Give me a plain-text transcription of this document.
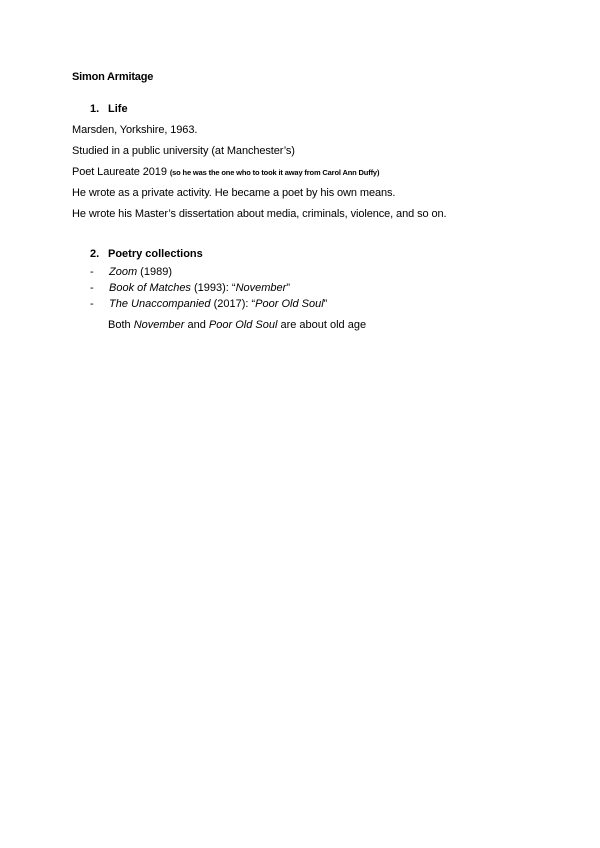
Simon Armitage
1. Life
Marsden, Yorkshire, 1963.
Studied in a public university (at Manchester’s)
Poet Laureate 2019 (so he was the one who to took it away from Carol Ann Duffy)
He wrote as a private activity. He became a poet by his own means.
He wrote his Master’s dissertation about media, criminals, violence, and so on.
2. Poetry collections
- Zoom (1989)
- Book of Matches (1993): “November”
- The Unaccompanied (2017): “Poor Old Soul”
Both November and Poor Old Soul are about old age
